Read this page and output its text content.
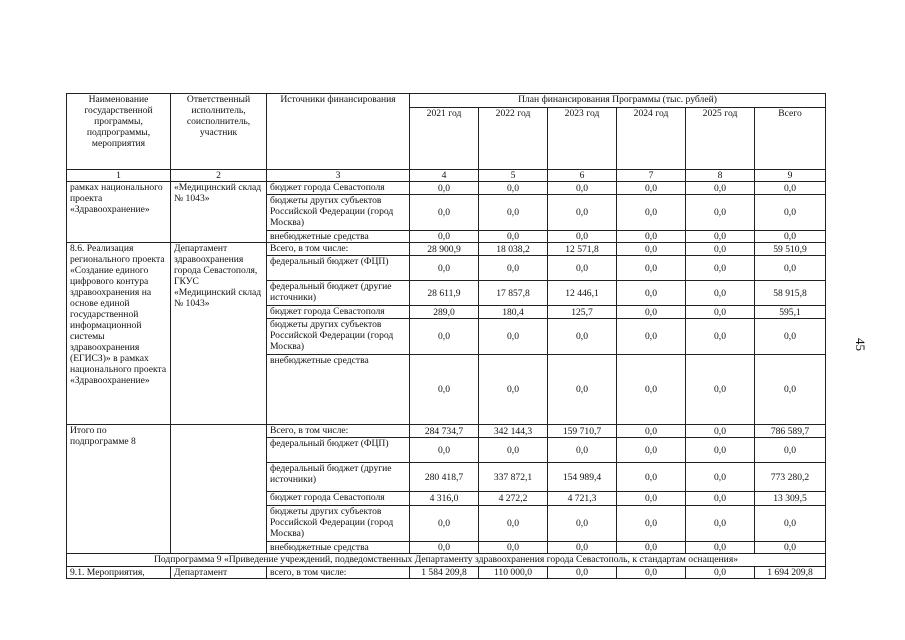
Наименование государственной программы, подпрограммы, мероприятия	Ответственный исполнитель, соисполнитель, участник	Источники финансирования	План финансирования Программы (тыс. рублей)					
			2021 год	2022 год	2023 год	2024 год	2025 год	Всего
1	2	3	4	5	6	7	8	9
рамках национального проекта «Здравоохранение»	«Медицинский склад № 1043»	бюджет города Севастополя	0,0	0,0	0,0	0,0	0,0	0,0
		бюджеты других субъектов Российской Федерации (город Москва)	0,0	0,0	0,0	0,0	0,0	0,0
		внебюджетные средства	0,0	0,0	0,0	0,0	0,0	0,0
8.6. Реализация регионального проекта «Создание единого цифрового контура здравоохранения на основе единой государственной информационной системы здравоохранения (ЕГИСЗ)» в рамках национального проекта «Здравоохранение»	Департамент здравоохранения города Севастополя, ГКУС «Медицинский склад № 1043»	Всего, в том числе:	28 900,9	18 038,2	12 571,8	0,0	0,0	59 510,9
		федеральный бюджет (ФЦП)	0,0	0,0	0,0	0,0	0,0	0,0
		федеральный бюджет (другие источники)	28 611,9	17 857,8	12 446,1	0,0	0,0	58 915,8
		бюджет города Севастополя	289,0	180,4	125,7	0,0	0,0	595,1
		бюджеты других субъектов Российской Федерации (город Москва)	0,0	0,0	0,0	0,0	0,0	0,0
		внебюджетные средства	0,0	0,0	0,0	0,0	0,0	0,0
Итого по подпрограмме 8		Всего, в том числе:	284 734,7	342 144,3	159 710,7	0,0	0,0	786 589,7
		федеральный бюджет (ФЦП)	0,0	0,0	0,0	0,0	0,0	0,0
		федеральный бюджет (другие источники)	280 418,7	337 872,1	154 989,4	0,0	0,0	773 280,2
		бюджет города Севастополя	4 316,0	4 272,2	4 721,3	0,0	0,0	13 309,5
		бюджеты других субъектов Российской Федерации (город Москва)	0,0	0,0	0,0	0,0	0,0	0,0
		внебюджетные средства	0,0	0,0	0,0	0,0	0,0	0,0
Подпрограмма 9 «Приведение учреждений, подведомственных Департаменту здравоохранения города Севастополь, к стандартам оснащения»								
9.1. Мероприятия,	Департамент	всего, в том числе:	1 584 209,8	110 000,0	0,0	0,0	0,0	1 694 209,8
45
